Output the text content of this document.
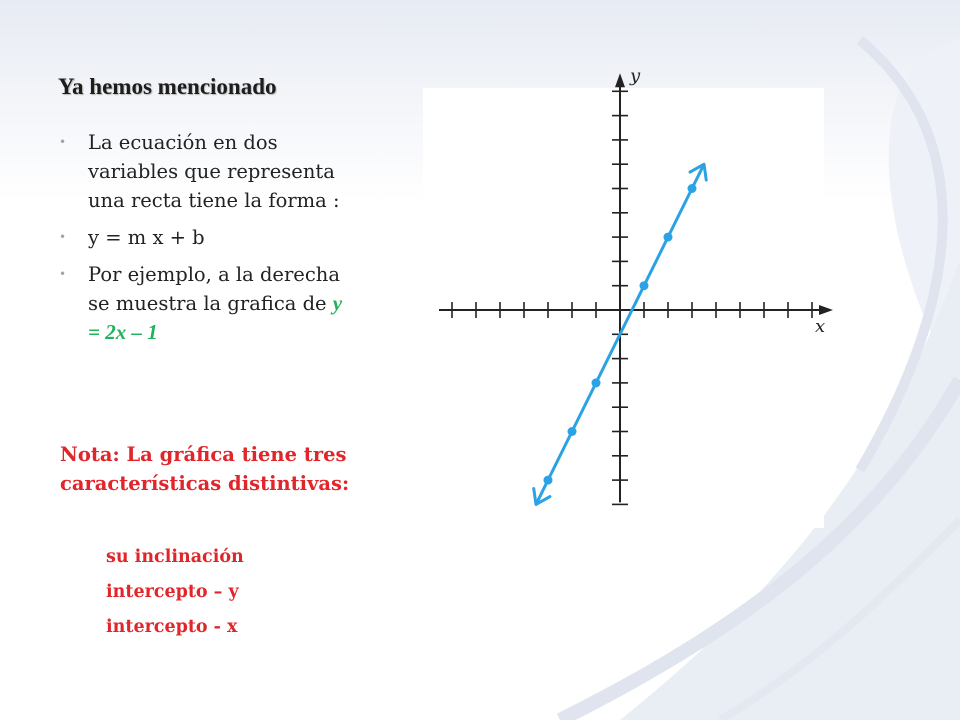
Ya hemos mencionado
• La ecuación en dos variables que representa una recta tiene la forma :
• y = m x + b
• Por ejemplo, a la derecha se muestra la grafica de y = 2x – 1

Nota: La gráfica tiene tres características distintivas:

su inclinación
intercepto – y
intercepto - x
x
y
